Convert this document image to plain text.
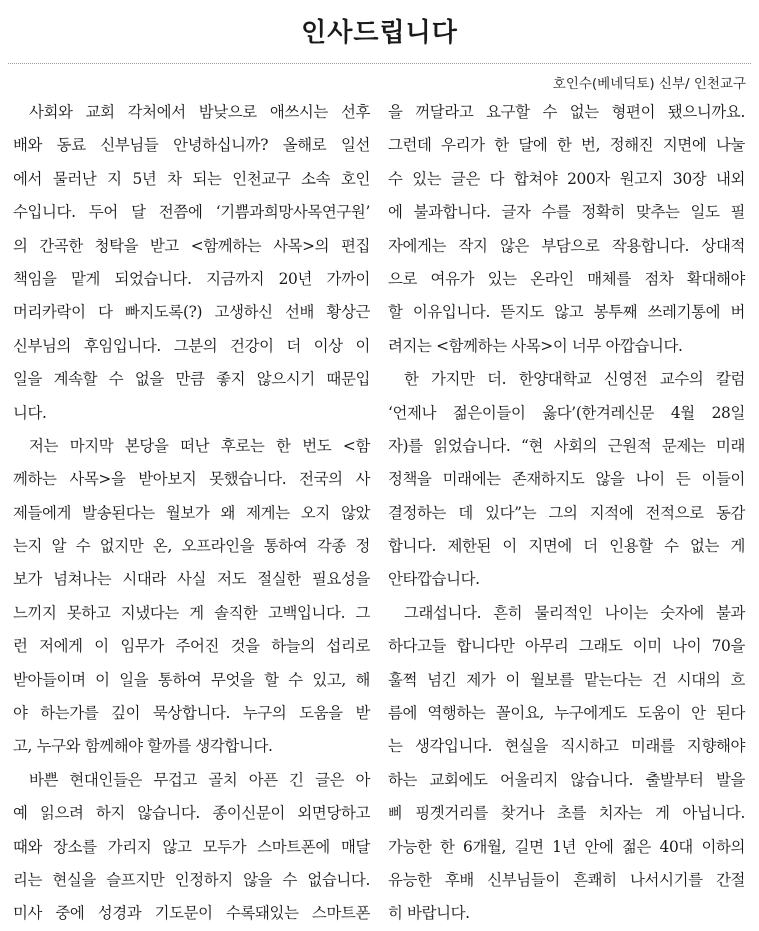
인사드립니다
호인수(베네딕토) 신부/ 인천교구
사회와 교회 각처에서 밤낮으로 애쓰시는 선후
배와 동료 신부님들 안녕하십니까? 올해로 일선
에서 물러난 지 5년 차 되는 인천교구 소속 호인
수입니다. 두어 달 전쯤에 ‘기쁨과희망사목연구원’
의 간곡한 청탁을 받고 <함께하는 사목>의 편집
책임을 맡게 되었습니다. 지금까지 20년 가까이
머리카락이 다 빠지도록(?) 고생하신 선배 황상근
신부님의 후임입니다. 그분의 건강이 더 이상 이
일을 계속할 수 없을 만큼 좋지 않으시기 때문입
니다.
저는 마지막 본당을 떠난 후로는 한 번도 <함
께하는 사목>을 받아보지 못했습니다. 전국의 사
제들에게 발송된다는 월보가 왜 제게는 오지 않았
는지 알 수 없지만 온, 오프라인을 통하여 각종 정
보가 넘쳐나는 시대라 사실 저도 절실한 필요성을
느끼지 못하고 지냈다는 게 솔직한 고백입니다. 그
런 저에게 이 임무가 주어진 것을 하늘의 섭리로
받아들이며 이 일을 통하여 무엇을 할 수 있고, 해
야 하는가를 깊이 묵상합니다. 누구의 도움을 받
고, 누구와 함께해야 할까를 생각합니다.
바쁜 현대인들은 무겁고 골치 아픈 긴 글은 아
예 읽으려 하지 않습니다. 종이신문이 외면당하고
때와 장소를 가리지 않고 모두가 스마트폰에 매달
리는 현실을 슬프지만 인정하지 않을 수 없습니다.
미사 중에 성경과 기도문이 수록돼있는 스마트폰
을 꺼달라고 요구할 수 없는 형편이 됐으니까요.
그런데 우리가 한 달에 한 번, 정해진 지면에 나눌
수 있는 글은 다 합쳐야 200자 원고지 30장 내외
에 불과합니다. 글자 수를 정확히 맞추는 일도 필
자에게는 작지 않은 부담으로 작용합니다. 상대적
으로 여유가 있는 온라인 매체를 점차 확대해야
할 이유입니다. 뜯지도 않고 봉투째 쓰레기통에 버
려지는 <함께하는 사목>이 너무 아깝습니다.
한 가지만 더. 한양대학교 신영전 교수의 칼럼
‘언제나 젊은이들이 옳다’(한겨레신문 4월 28일
자)를 읽었습니다. “현 사회의 근원적 문제는 미래
정책을 미래에는 존재하지도 않을 나이 든 이들이
결정하는 데 있다”는 그의 지적에 전적으로 동감
합니다. 제한된 이 지면에 더 인용할 수 없는 게
안타깝습니다.
그래섭니다. 흔히 물리적인 나이는 숫자에 불과
하다고들 합니다만 아무리 그래도 이미 나이 70을
훌쩍 넘긴 제가 이 월보를 맡는다는 건 시대의 흐
름에 역행하는 꼴이요, 누구에게도 도움이 안 된다
는 생각입니다. 현실을 직시하고 미래를 지향해야
하는 교회에도 어울리지 않습니다. 출발부터 발을
삐 핑곗거리를 찾거나 초를 치자는 게 아닙니다.
가능한 한 6개월, 길면 1년 안에 젊은 40대 이하의
유능한 후배 신부님들이 흔쾌히 나서시기를 간절
히 바랍니다.
